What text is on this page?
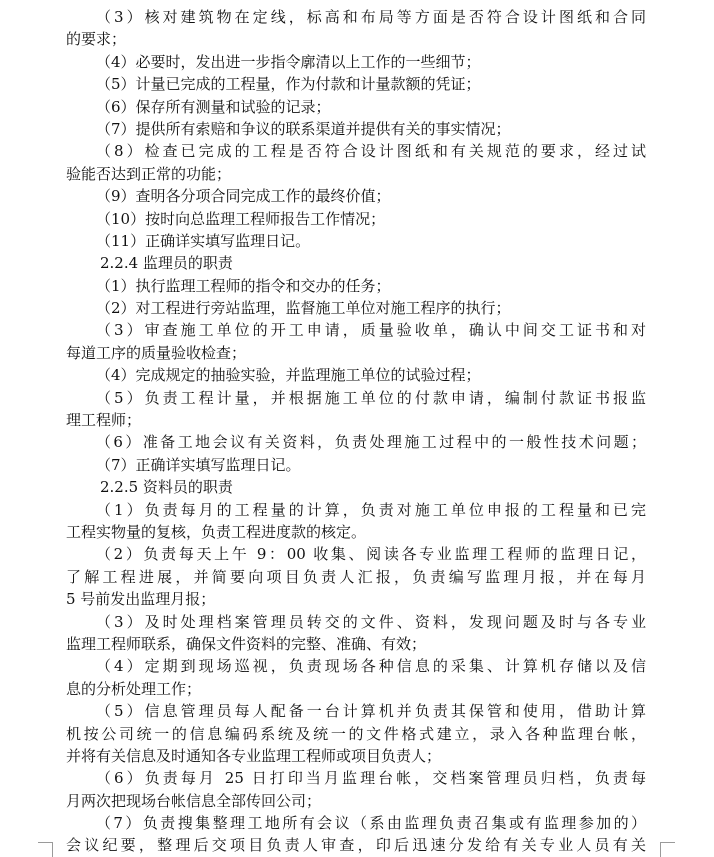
（3）核对建筑物在定线，标高和布局等方面是否符合设计图纸和合同
的要求；
（4）必要时，发出进一步指令廓清以上工作的一些细节；
（5）计量已完成的工程量，作为付款和计量款额的凭证；
（6）保存所有测量和试验的记录；
（7）提供所有索赔和争议的联系渠道并提供有关的事实情况；
（8）检查已完成的工程是否符合设计图纸和有关规范的要求，经过试
验能否达到正常的功能；
（9）查明各分项合同完成工作的最终价值；
（10）按时向总监理工程师报告工作情况；
（11）正确详实填写监理日记。
2.2.4 监理员的职责
（1）执行监理工程师的指令和交办的任务；
（2）对工程进行旁站监理，监督施工单位对施工程序的执行；
（3）审查施工单位的开工申请，质量验收单，确认中间交工证书和对
每道工序的质量验收检查；
（4）完成规定的抽验实验，并监理施工单位的试验过程；
（5）负责工程计量，并根据施工单位的付款申请，编制付款证书报监
理工程师；
（6）准备工地会议有关资料，负责处理施工过程中的一般性技术问题；
（7）正确详实填写监理日记。
2.2.5 资料员的职责
（1）负责每月的工程量的计算，负责对施工单位申报的工程量和已完
工程实物量的复核，负责工程进度款的核定。
（2）负责每天上午 9：00 收集、阅读各专业监理工程师的监理日记，
了解工程进展，并简要向项目负责人汇报，负责编写监理月报，并在每月
5 号前发出监理月报；
（3）及时处理档案管理员转交的文件、资料，发现问题及时与各专业
监理工程师联系，确保文件资料的完整、准确、有效；
（4）定期到现场巡视，负责现场各种信息的采集、计算机存储以及信
息的分析处理工作；
（5）信息管理员每人配备一台计算机并负责其保管和使用，借助计算
机按公司统一的信息编码系统及统一的文件格式建立，录入各种监理台帐，
并将有关信息及时通知各专业监理工程师或项目负责人；
（6）负责每月 25 日打印当月监理台帐，交档案管理员归档，负责每
月两次把现场台帐信息全部传回公司；
（7）负责搜集整理工地所有会议（系由监理负责召集或有监理参加的）
会议纪要，整理后交项目负责人审查，印后迅速分发给有关专业人员有关
